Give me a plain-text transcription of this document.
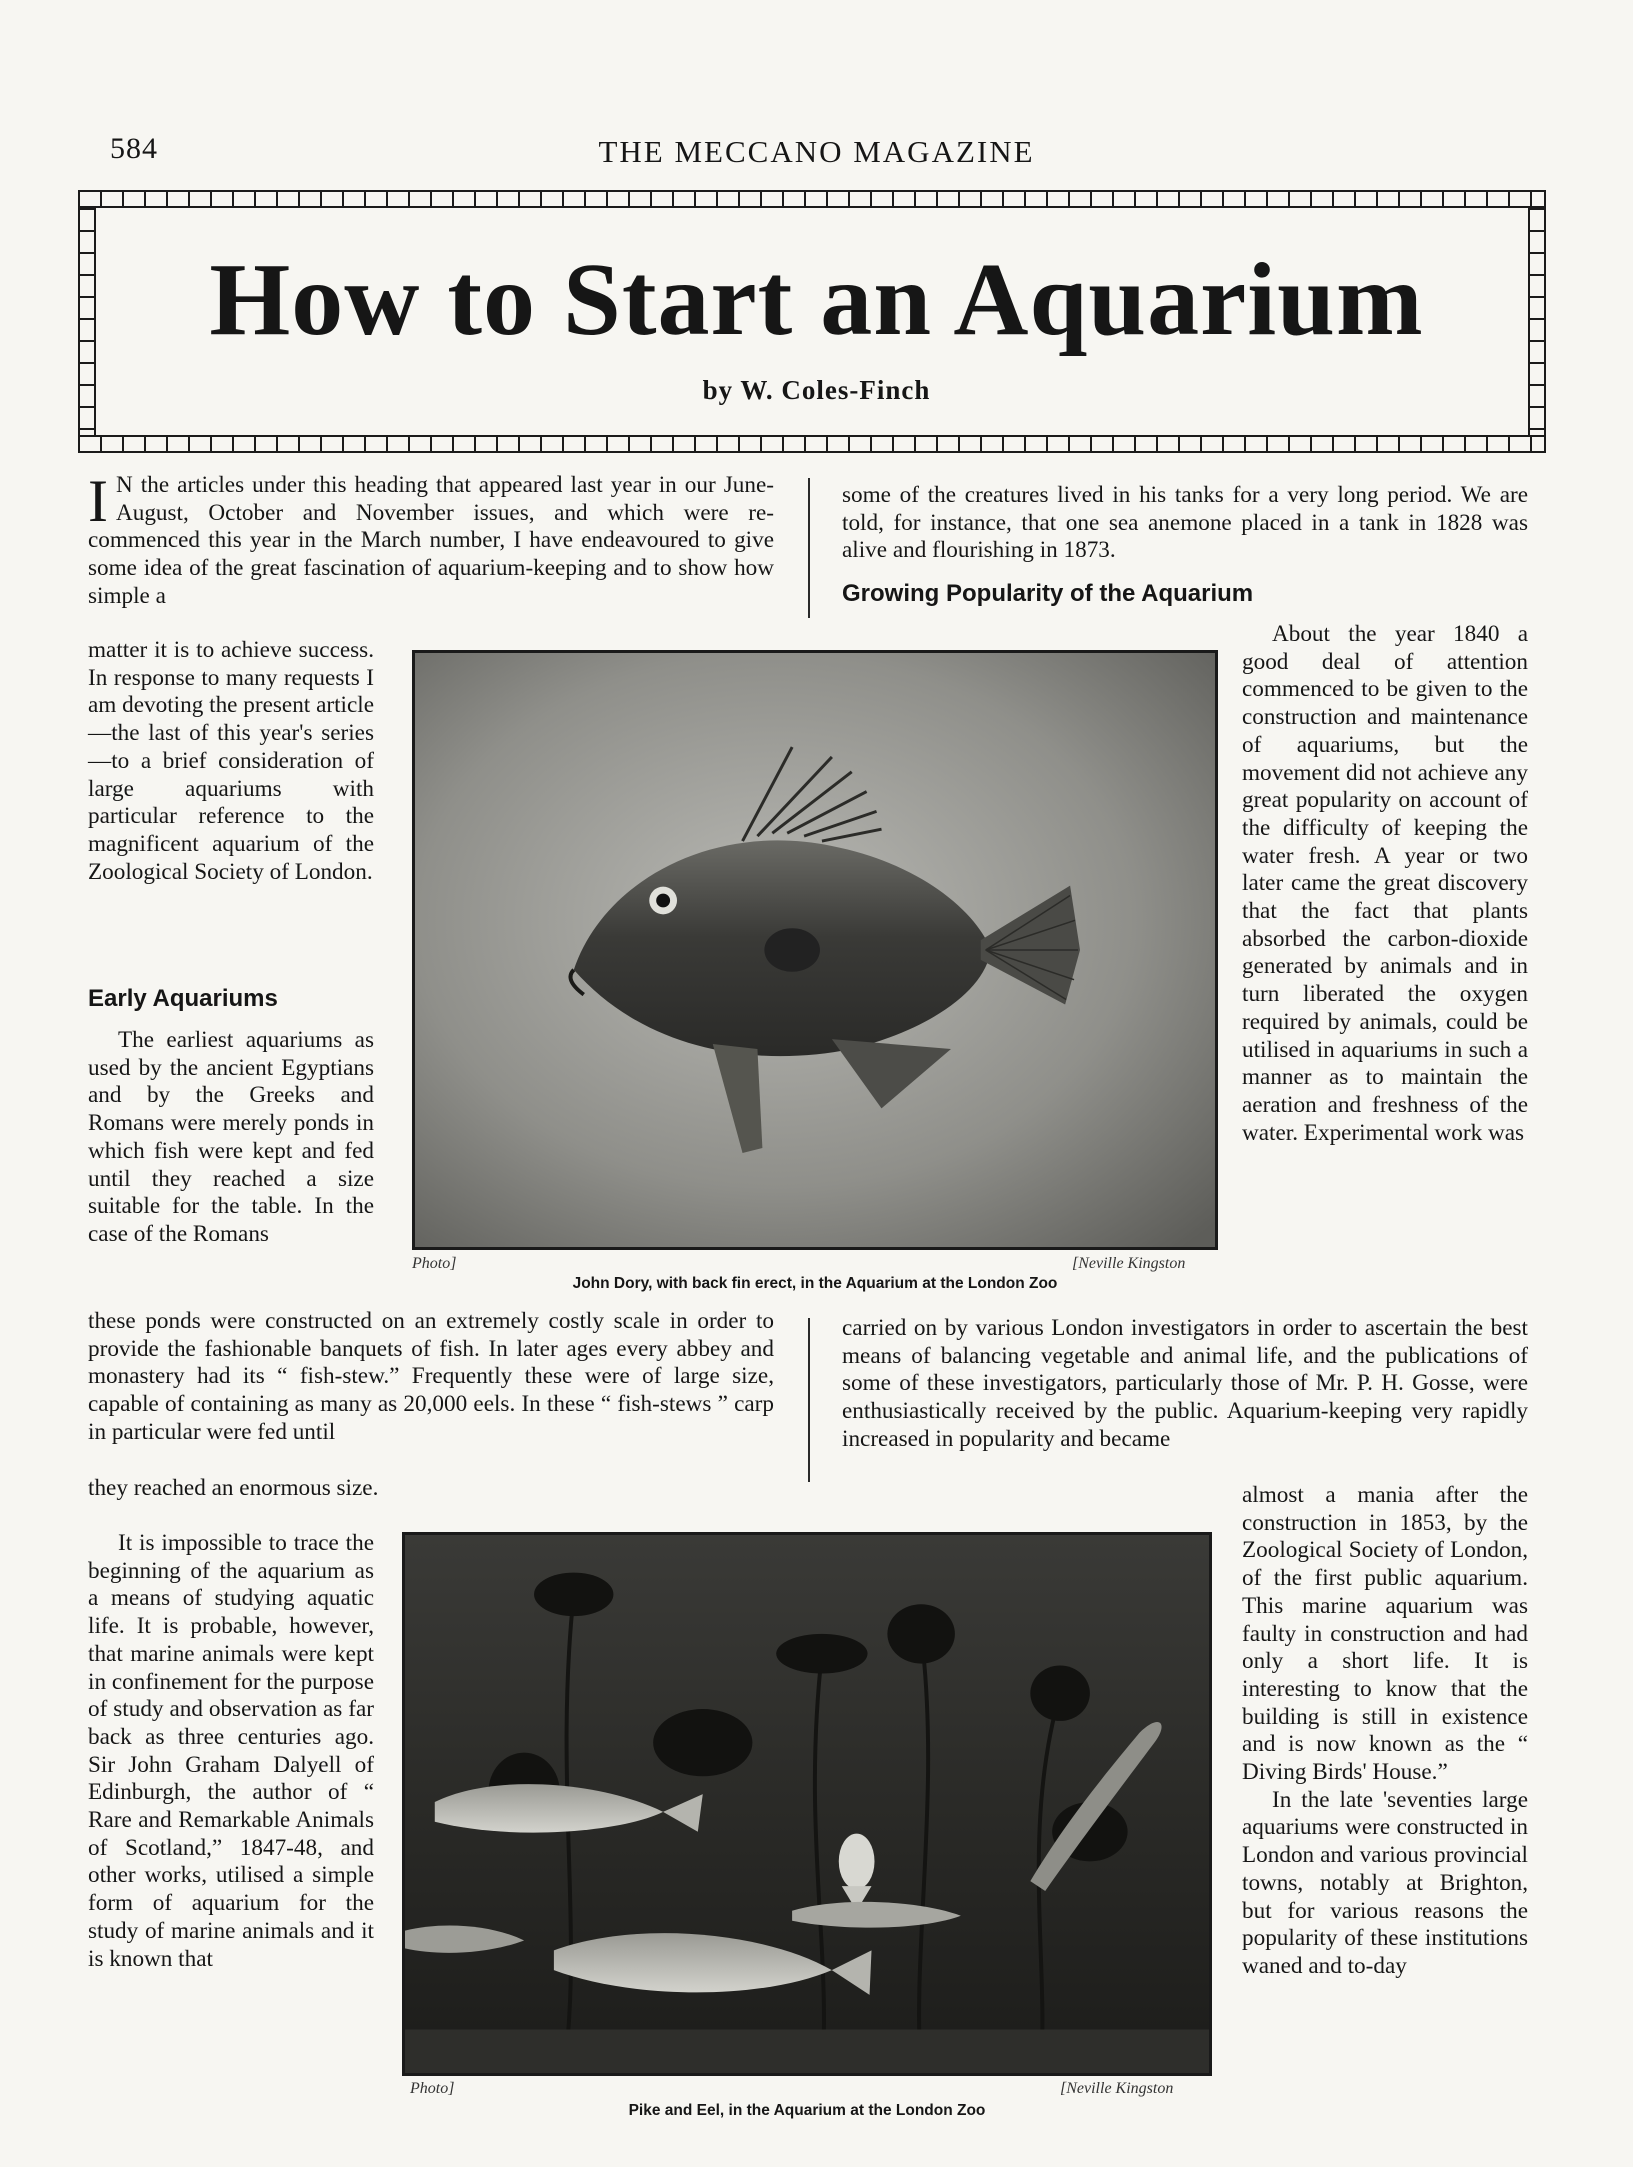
584	THE MECCANO MAGAZINE
How to Start an Aquarium
by W. Coles-Finch

I N the articles under this heading that appeared last year in our June-August, October and November issues, and which were re-commenced this year in the March number, I have endeavoured to give some idea of the great fascination of aquarium-keeping and to show how simple a

matter it is to achieve success. In response to many requests I am devoting the present article—the last of this year's series—to a brief consideration of large aquariums with particular reference to the magnificent aquarium of the Zoological Society of London.

Early Aquariums

The earliest aquariums as used by the ancient Egyptians and by the Greeks and Romans were merely ponds in which fish were kept and fed until they reached a size suitable for the table. In the case of the Romans

these ponds were constructed on an extremely costly scale in order to provide the fashionable banquets of fish. In later ages every abbey and monastery had its “ fish-stew.” Frequently these were of large size, capable of containing as many as 20,000 eels. In these “ fish-stews ” carp in particular were fed until

they reached an enormous size.

It is impossible to trace the beginning of the aquarium as a means of studying aquatic life. It is probable, however, that marine animals were kept in confinement for the purpose of study and observation as far back as three centuries ago. Sir John Graham Dalyell of Edinburgh, the author of “ Rare and Remarkable Animals of Scotland,” 1847-48, and other works, utilised a simple form of aquarium for the study of marine animals and it is known that

some of the creatures lived in his tanks for a very long period. We are told, for instance, that one sea anemone placed in a tank in 1828 was alive and flourishing in 1873.

Growing Popularity of the Aquarium

About the year 1840 a good deal of attention commenced to be given to the construction and maintenance of aquariums, but the movement did not achieve any great popularity on account of the difficulty of keeping the water fresh. A year or two later came the great discovery that the fact that plants absorbed the carbon-dioxide generated by animals and in turn liberated the oxygen required by animals, could be utilised in aquariums in such a manner as to maintain the aeration and freshness of the water. Experimental work was

carried on by various London investigators in order to ascertain the best means of balancing vegetable and animal life, and the publications of some of these investigators, particularly those of Mr. P. H. Gosse, were enthusiastically received by the public. Aquarium-keeping very rapidly increased in popularity and became

almost a mania after the construction in 1853, by the Zoological Society of London, of the first public aquarium. This marine aquarium was faulty in construction and had only a short life. It is interesting to know that the building is still in existence and is now known as the “ Diving Birds' House.”

In the late 'seventies large aquariums were constructed in London and various provincial towns, notably at Brighton, but for various reasons the popularity of these institutions waned and to-day

Photo]	[Neville Kingston
John Dory, with back fin erect, in the Aquarium at the London Zoo
Photo]	[Neville Kingston
Pike and Eel, in the Aquarium at the London Zoo
